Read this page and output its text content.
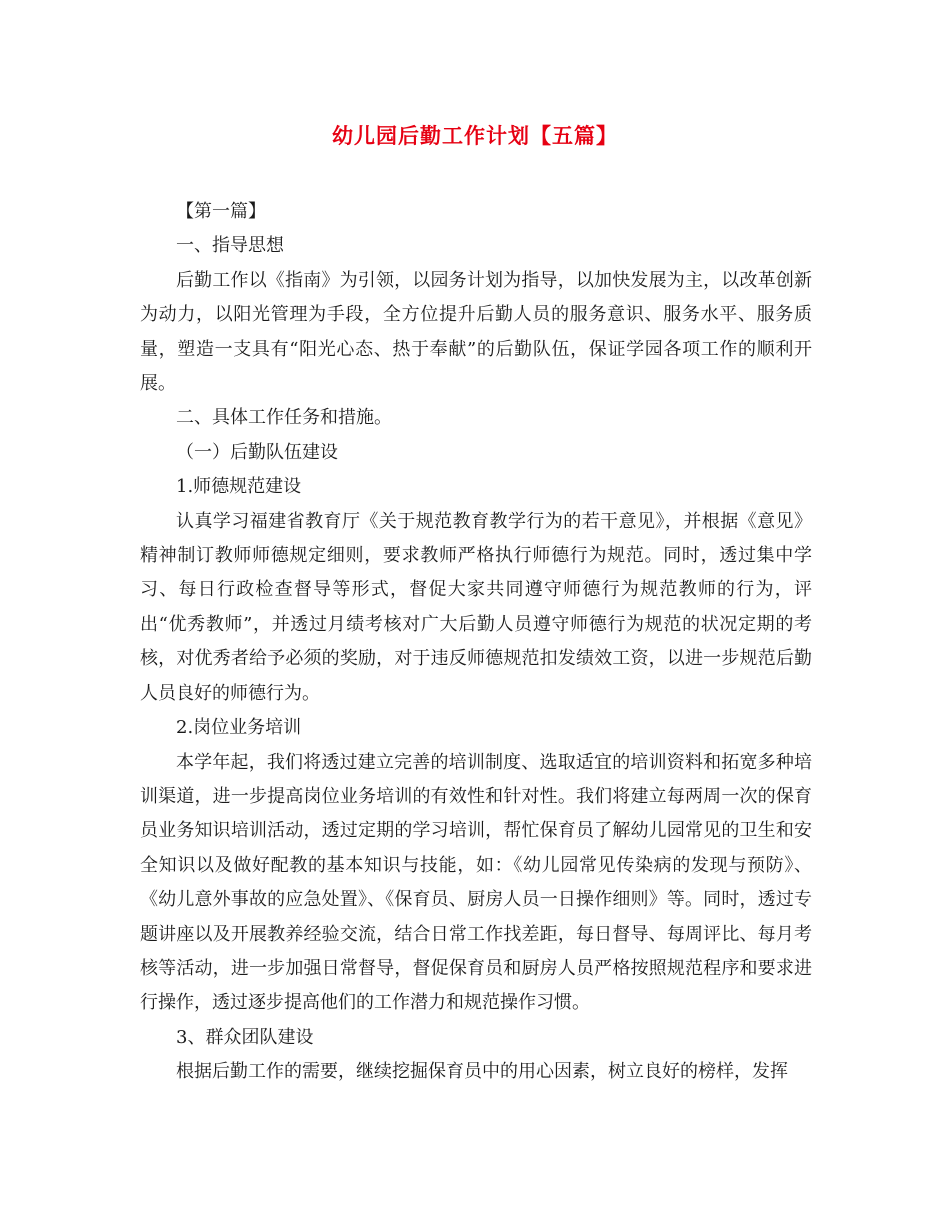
幼儿园后勤工作计划【五篇】

【第一篇】

一、指导思想

后勤工作以《指南》为引领，以园务计划为指导，以加快发展为主，以改革创新为动力，以阳光管理为手段，全方位提升后勤人员的服务意识、服务水平、服务质量，塑造一支具有“阳光心态、热于奉献”的后勤队伍，保证学园各项工作的顺利开展。

二、具体工作任务和措施。

（一）后勤队伍建设

1.师德规范建设

认真学习福建省教育厅《关于规范教育教学行为的若干意见》，并根据《意见》精神制订教师师德规定细则，要求教师严格执行师德行为规范。同时，透过集中学习、每日行政检查督导等形式，督促大家共同遵守师德行为规范教师的行为，评出“优秀教师”，并透过月绩考核对广大后勤人员遵守师德行为规范的状况定期的考核，对优秀者给予必须的奖励，对于违反师德规范扣发绩效工资，以进一步规范后勤人员良好的师德行为。

2.岗位业务培训

本学年起，我们将透过建立完善的培训制度、选取适宜的培训资料和拓宽多种培训渠道，进一步提高岗位业务培训的有效性和针对性。我们将建立每两周一次的保育员业务知识培训活动，透过定期的学习培训，帮忙保育员了解幼儿园常见的卫生和安全知识以及做好配教的基本知识与技能，如：《幼儿园常见传染病的发现与预防》、《幼儿意外事故的应急处置》、《保育员、厨房人员一日操作细则》等。同时，透过专题讲座以及开展教养经验交流，结合日常工作找差距，每日督导、每周评比、每月考核等活动，进一步加强日常督导，督促保育员和厨房人员严格按照规范程序和要求进行操作，透过逐步提高他们的工作潜力和规范操作习惯。

3、群众团队建设

根据后勤工作的需要，继续挖掘保育员中的用心因素，树立良好的榜样，发挥
